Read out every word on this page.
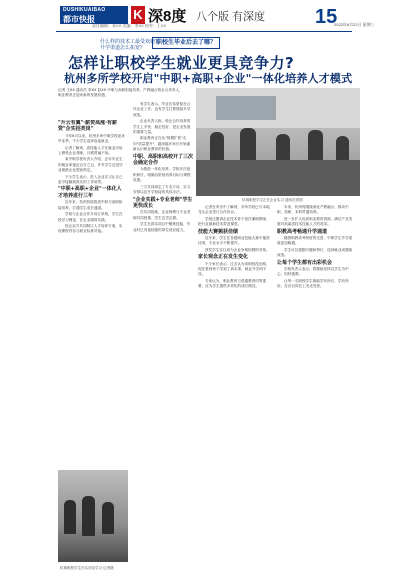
DUSHIKUAIBAO
都市快报	K 深8度 八个版 有深度
责任编辑：张XX 美编：李XX 校对：王XX	15
2022年6月22日 星期三
什么样的技术工最受欢迎？
职校生毕业后去了哪？
升学渠道怎么拓宽？
怎样让职校学生就业更具竞争力?
杭州多所学校开启"中职+高职+企业"一体化培养人才模式
记者 王XX 通讯员 李XX 赵XX 中职与高职衔接培养，产教融合校企合作育人，职业教育正迎来新的发展机遇。
杭城职校学生正在企业实习 通讯员供图

"升云有翼"·薪资高涨·有薪资"企实招类岗"

今年6月以来，杭州多所中职学校迎来毕业季，不少学生选择直接就业。

记者了解到，高技能人才在就业市场上颇受企业青睐，月薪普遍不低。

某中职学校负责人介绍，去年毕业生的就业率接近百分之百，许多学生还没毕业就被企业提前预定。

不少学生表示，进入企业实习让自己更早接触到真实的工作场景。

"中职+高职+企业"一体化人才培养进行三年

近年来，杭州持续推进中职与高职衔接培养，打通学生成长通道。

学校与企业合作开设订单班，学生在校学习理论，在企业跟岗实践。

校企双方共同制订人才培养方案，实现课程内容与职业标准对接。

有学生表示，毕业后希望留在合作企业工作，也有学生打算继续升学深造。

企业负责人称，校企合作培养的学生上手快、稳定性好，是企业发展的重要力量。

职业教育正在从"规模扩张"走向"质量提升"，越来越多家长开始重新认识职业教育的价值。

中职、高职和高校开了三次会确定合作

为推进一体化培养，学校多次组织研讨，明确各阶段培养目标与课程设置。

三方共同商定了专业方向、实习安排以及升学衔接的具体办法。

"企业实践+专业老师"学生更快成长

在实训基地，企业师傅与专业老师共同授课，学生边学边做。

学生在真实项目中锻炼技能，毕业时已具备较强的岗位适应能力。

记者在采访中了解到，多所学校已与本地龙头企业签订合作协议。

学校还邀请企业技术骨干担任兼职教师，把行业最新技术带进课堂。

技能大赛频获佳绩

近年来，学生在各级职业技能大赛中屡获佳绩，专业水平不断提升。

获奖学生往往成为企业争相招聘的对象。

家长观念正在发生变化

不少家长表示，过去认为读职校没出路，现在看到孩子学到了真本事，就业升学两不误。

专家认为，职业教育与普通教育同等重要，应为学生提供多样化的成长路径。

未来，杭州将继续深化产教融合，推动中职、高职、本科贯通培养。

进一步扩大优质职业教育资源，满足产业发展对高素质技术技能人才的需求。

职教高考畅通升学通道

随着职教高考制度的完善，中职学生升学渠道更加畅通。

学生可以根据兴趣和特长，选择就业或继续深造。

让每个学生都有出彩机会

学校负责人表示，将继续坚持以学生为中心，因材施教。

让每一名职校学生都能学有所长、学有所用，在各自岗位上发光发热。

杭城职校学生在实训室学习 记者摄
